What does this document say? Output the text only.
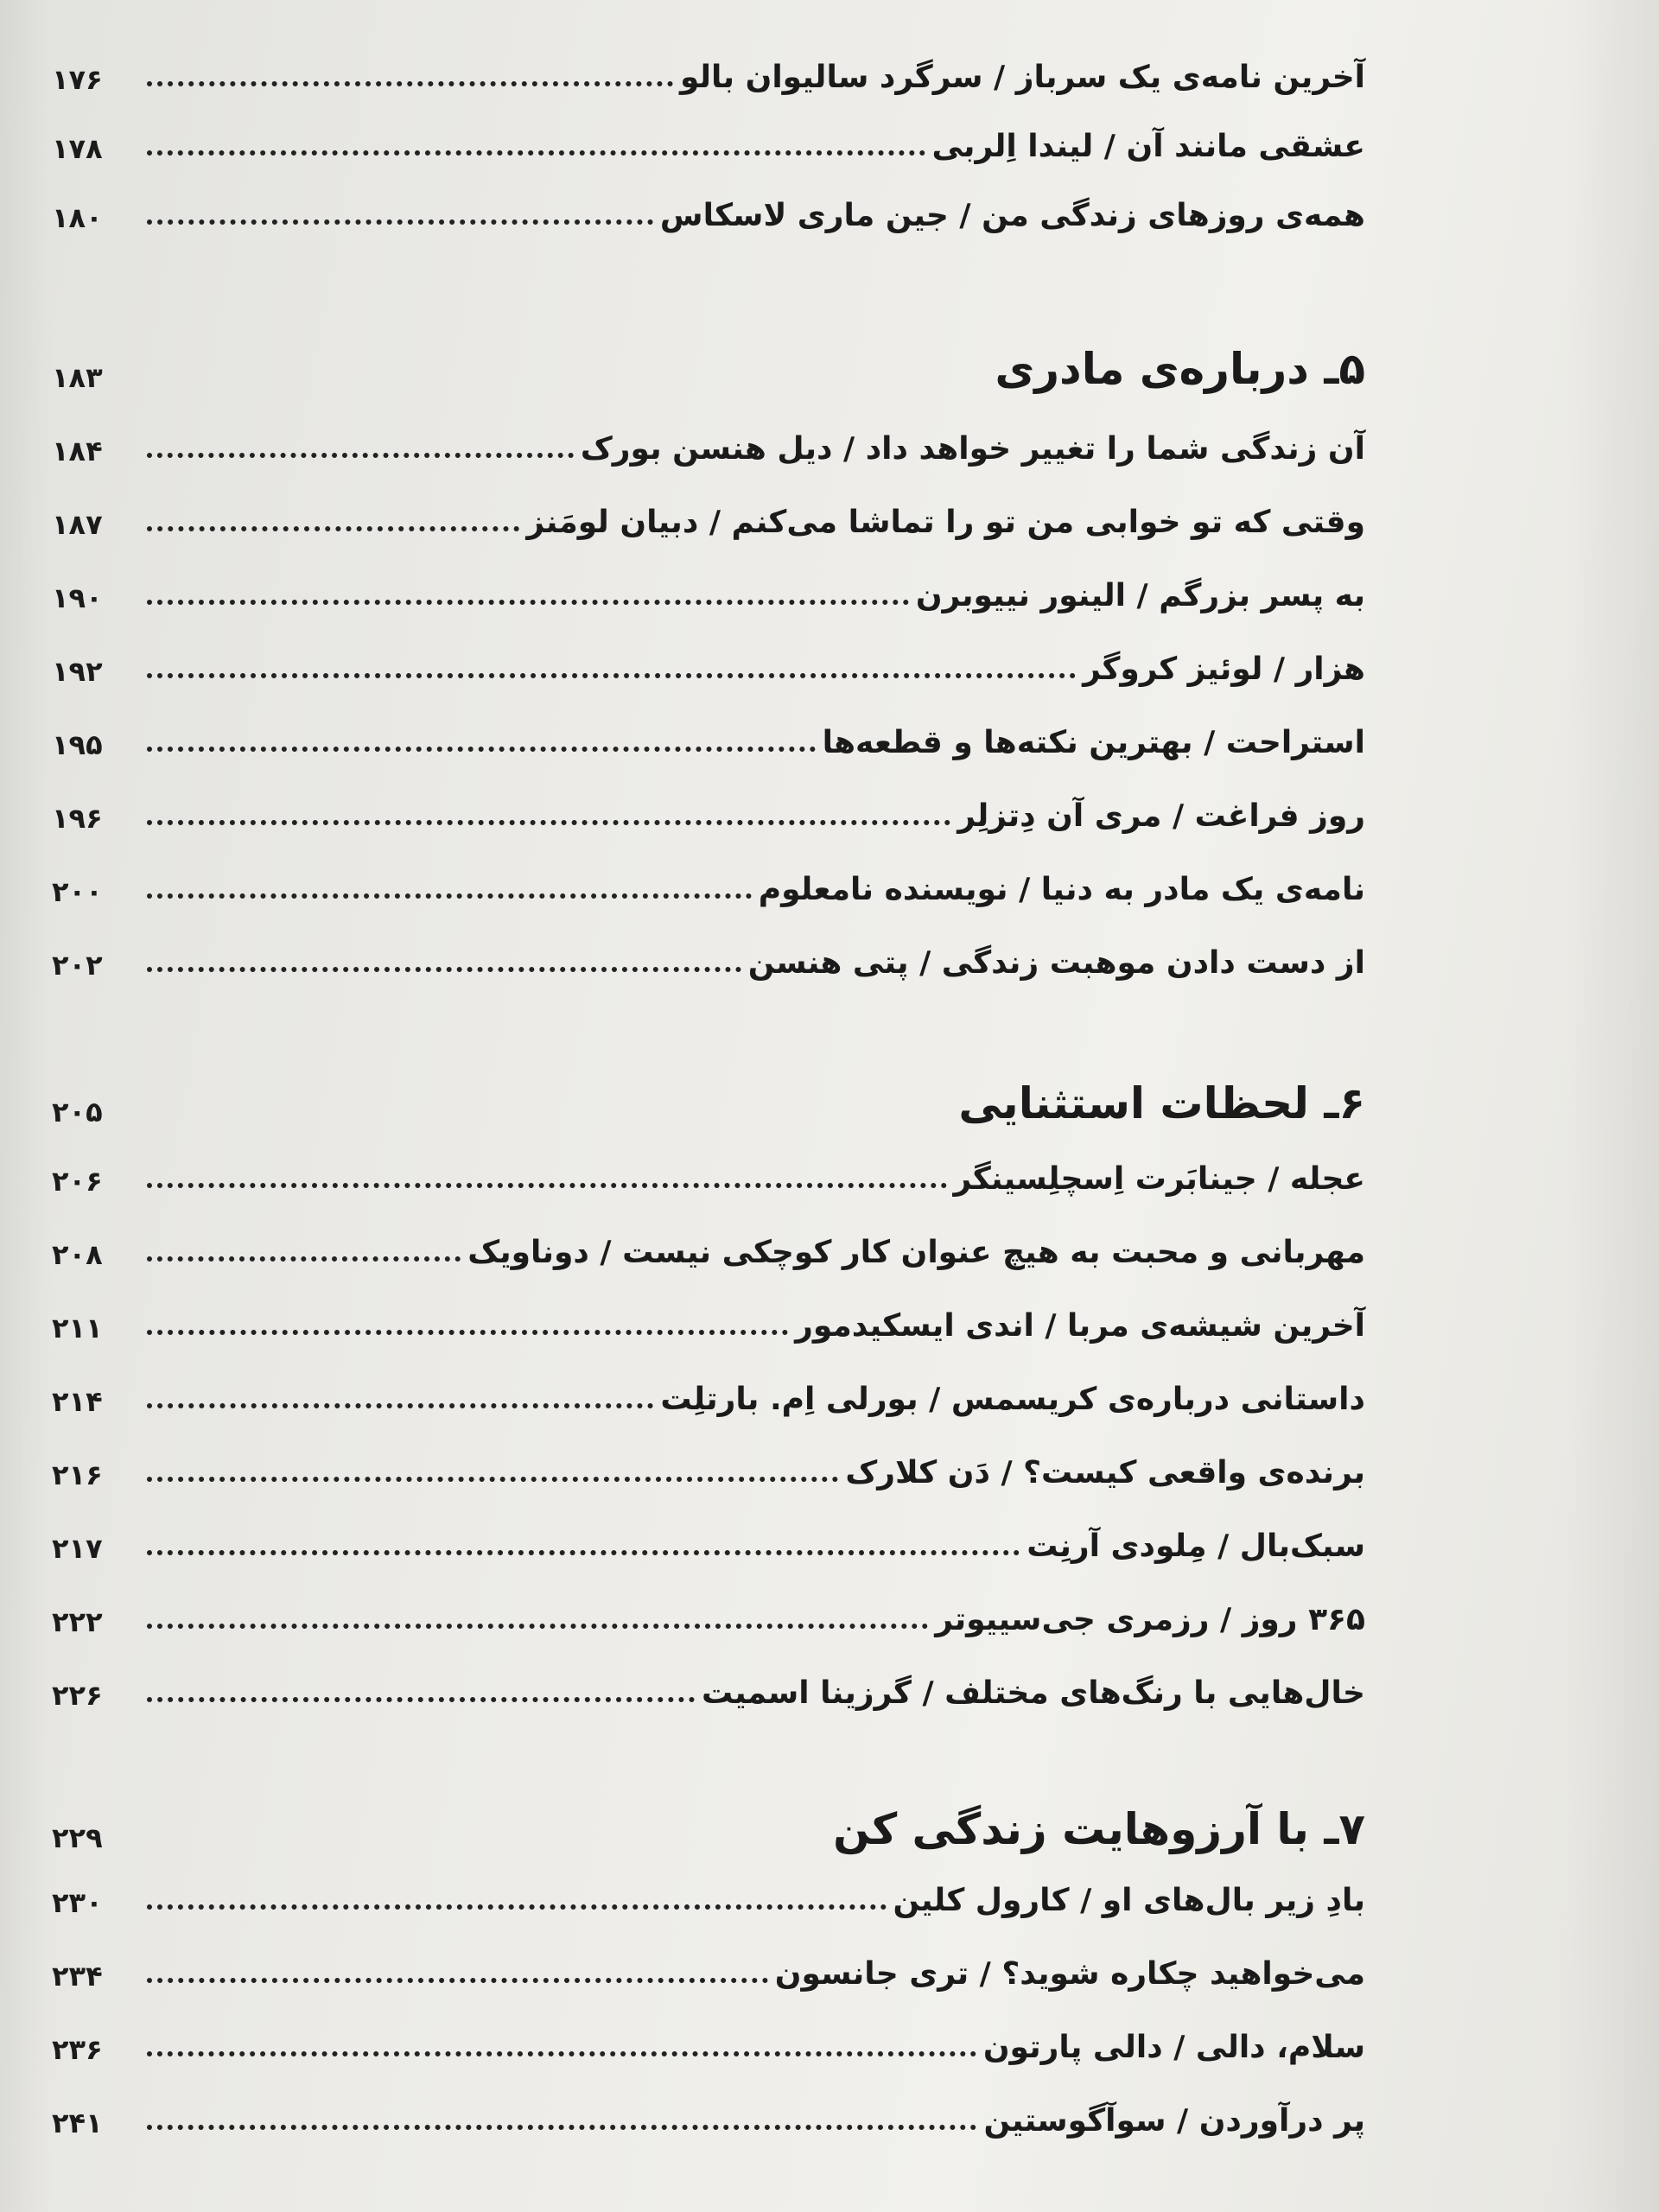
آخرین نامه‌ی یک سرباز / سرگرد سالیوان بالو
۱۷۶
عشقی مانند آن / لیندا اِلربی
۱۷۸
همه‌ی روزهای زندگی من / جین ماری لاسکاس
۱۸۰
۵ـ درباره‌ی مادری
۱۸۳
آن زندگی شما را تغییر خواهد داد / دیل هنسن بورک
۱۸۴
وقتی که تو خوابی من تو را تماشا می‌کنم / دبیان لومَنز
۱۸۷
به پسر بزرگم / الینور نییوبرن
۱۹۰
هزار / لوئیز کروگر
۱۹۲
استراحت / بهترین نکته‌ها و قطعه‌ها
۱۹۵
روز فراغت / مری آن دِتزلِر
۱۹۶
نامه‌ی یک مادر به دنیا / نویسنده نامعلوم
۲۰۰
از دست دادن موهبت زندگی / پتی هنسن
۲۰۲
۶ـ لحظات استثنایی
۲۰۵
عجله / جینابَرت اِسچلِسینگر
۲۰۶
مهربانی و محبت به هیچ عنوان کار کوچکی نیست / دوناویک
۲۰۸
آخرین شیشه‌ی مربا / اندی ایسکیدمور
۲۱۱
داستانی درباره‌ی کریسمس / بورلی اِم. بارتلِت
۲۱۴
برنده‌ی واقعی کیست؟ / دَن کلارک
۲۱۶
سبک‌بال / مِلودی آرنِت
۲۱۷
۳۶۵ روز / رزمری جی‌سییوتر
۲۲۲
خال‌هایی با رنگ‌های مختلف / گرزینا اسمیت
۲۲۶
۷ـ با آرزوهایت زندگی کن
۲۲۹
بادِ زیر بال‌های او / کارول کلین
۲۳۰
می‌خواهید چکاره شوید؟ / تری جانسون
۲۳۴
سلام، دالی / دالی پارتون
۲۳۶
پر درآوردن / سوآگوستین
۲۴۱
